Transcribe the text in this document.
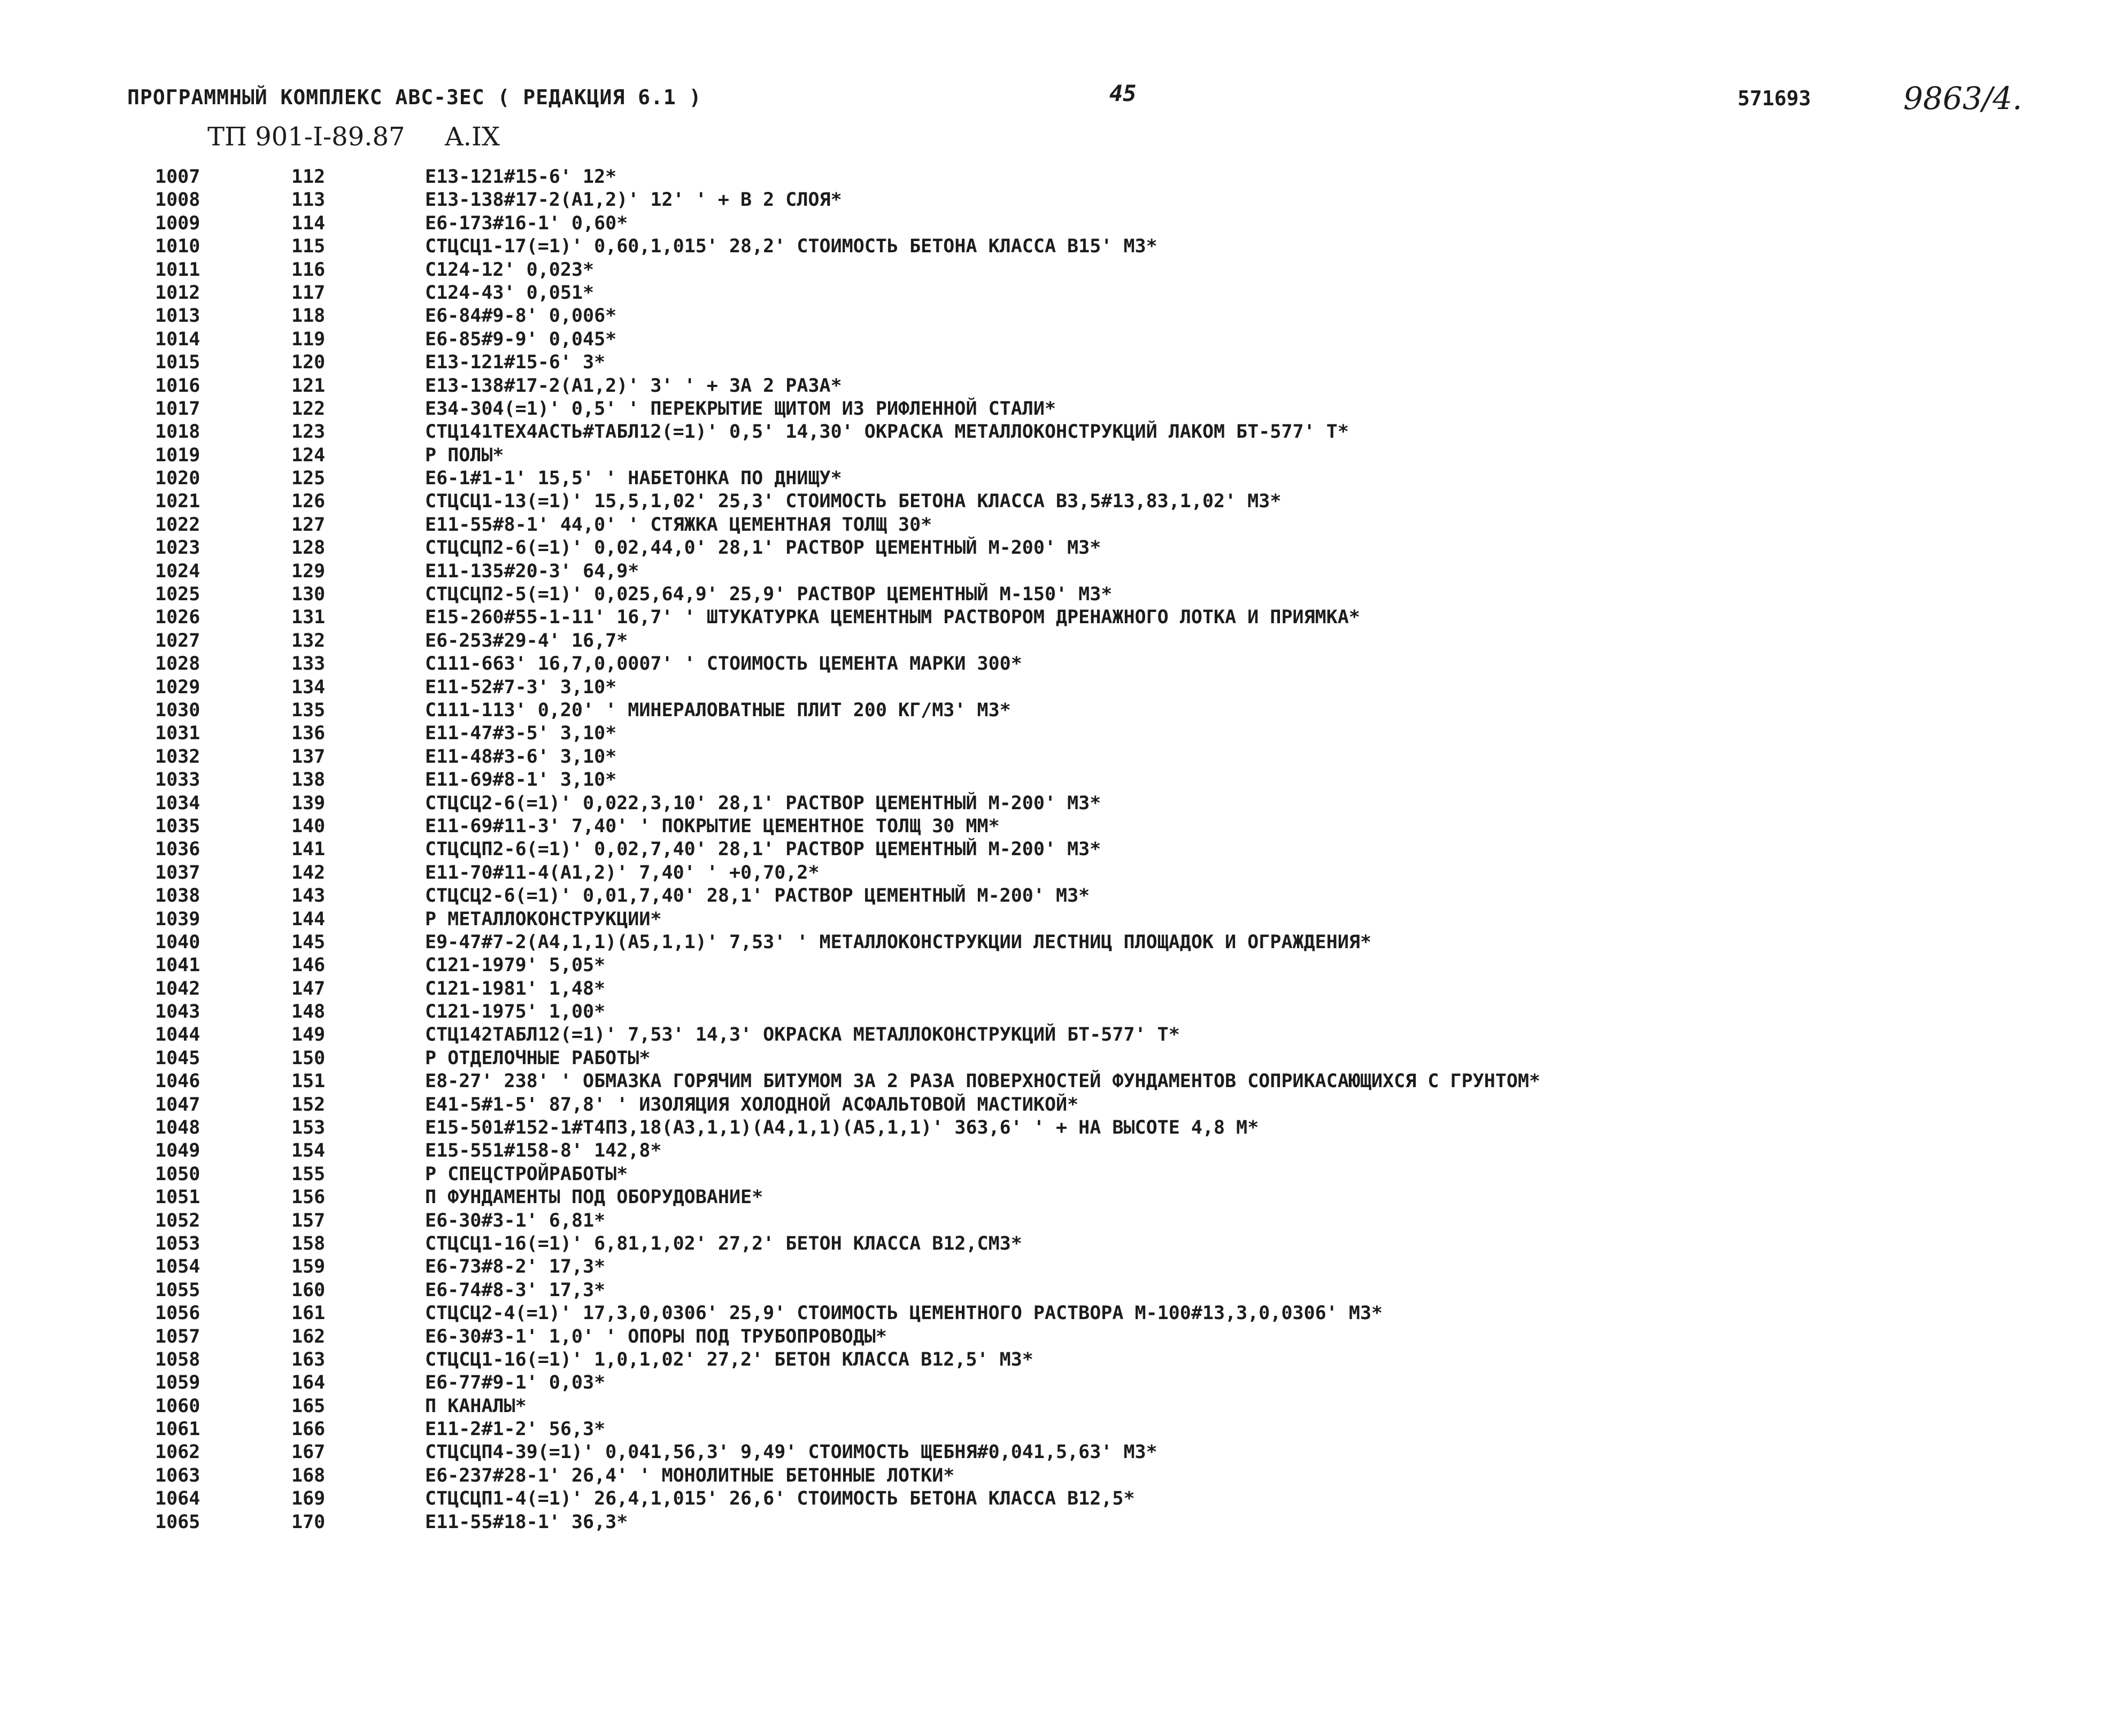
ПРОГРАММНЫЙ КОМПЛЕКС АВС-3ЕС ( РЕДАКЦИЯ 6.1 )	45	571693	9863/4.
ТП 901-I-89.87 A.IX
1007	112	Е13-121#15-6' 12*
1008	113	Е13-138#17-2(А1,2)' 12' ' + В 2 СЛОЯ*
1009	114	Е6-173#16-1' 0,60*
1010	115	СТЦСЦ1-17(=1)' 0,60,1,015' 28,2' СТОИМОСТЬ БЕТОНА КЛАССА В15' М3*
1011	116	С124-12' 0,023*
1012	117	С124-43' 0,051*
1013	118	Е6-84#9-8' 0,006*
1014	119	Е6-85#9-9' 0,045*
1015	120	Е13-121#15-6' 3*
1016	121	Е13-138#17-2(А1,2)' 3' ' + ЗА 2 РАЗА*
1017	122	Е34-304(=1)' 0,5' ' ПЕРЕКРЫТИЕ ЩИТОМ ИЗ РИФЛЕННОЙ СТАЛИ*
1018	123	СТЦ141ТЕХ4АСТЬ#ТАБЛ12(=1)' 0,5' 14,30' ОКРАСКА МЕТАЛЛОКОНСТРУКЦИЙ ЛАКОМ БТ-577' Т*
1019	124	Р ПОЛЫ*
1020	125	Е6-1#1-1' 15,5' ' НАБЕТОНКА ПО ДНИЩУ*
1021	126	СТЦСЦ1-13(=1)' 15,5,1,02' 25,3' СТОИМОСТЬ БЕТОНА КЛАССА В3,5#13,83,1,02' М3*
1022	127	Е11-55#8-1' 44,0' ' СТЯЖКА ЦЕМЕНТНАЯ ТОЛЩ 30*
1023	128	СТЦСЦП2-6(=1)' 0,02,44,0' 28,1' РАСТВОР ЦЕМЕНТНЫЙ М-200' М3*
1024	129	Е11-135#20-3' 64,9*
1025	130	СТЦСЦП2-5(=1)' 0,025,64,9' 25,9' РАСТВОР ЦЕМЕНТНЫЙ М-150' М3*
1026	131	Е15-260#55-1-11' 16,7' ' ШТУКАТУРКА ЦЕМЕНТНЫМ РАСТВОРОМ ДРЕНАЖНОГО ЛОТКА И ПРИЯМКА*
1027	132	Е6-253#29-4' 16,7*
1028	133	С111-663' 16,7,0,0007' ' СТОИМОСТЬ ЦЕМЕНТА МАРКИ 300*
1029	134	Е11-52#7-3' 3,10*
1030	135	С111-113' 0,20' ' МИНЕРАЛОВАТНЫЕ ПЛИТ 200 КГ/М3' М3*
1031	136	Е11-47#3-5' 3,10*
1032	137	Е11-48#3-6' 3,10*
1033	138	Е11-69#8-1' 3,10*
1034	139	СТЦСЦ2-6(=1)' 0,022,3,10' 28,1' РАСТВОР ЦЕМЕНТНЫЙ М-200' М3*
1035	140	Е11-69#11-3' 7,40' ' ПОКРЫТИЕ ЦЕМЕНТНОЕ ТОЛЩ 30 ММ*
1036	141	СТЦСЦП2-6(=1)' 0,02,7,40' 28,1' РАСТВОР ЦЕМЕНТНЫЙ М-200' М3*
1037	142	Е11-70#11-4(А1,2)' 7,40' ' +0,70,2*
1038	143	СТЦСЦ2-6(=1)' 0,01,7,40' 28,1' РАСТВОР ЦЕМЕНТНЫЙ М-200' М3*
1039	144	Р МЕТАЛЛОКОНСТРУКЦИИ*
1040	145	Е9-47#7-2(А4,1,1)(А5,1,1)' 7,53' ' МЕТАЛЛОКОНСТРУКЦИИ ЛЕСТНИЦ ПЛОЩАДОК И ОГРАЖДЕНИЯ*
1041	146	С121-1979' 5,05*
1042	147	С121-1981' 1,48*
1043	148	С121-1975' 1,00*
1044	149	СТЦ142ТАБЛ12(=1)' 7,53' 14,3' ОКРАСКА МЕТАЛЛОКОНСТРУКЦИЙ БТ-577' Т*
1045	150	Р ОТДЕЛОЧНЫЕ РАБОТЫ*
1046	151	Е8-27' 238' ' ОБМАЗКА ГОРЯЧИМ БИТУМОМ ЗА 2 РАЗА ПОВЕРХНОСТЕЙ ФУНДАМЕНТОВ СОПРИКАСАЮЩИХСЯ С ГРУНТОМ*
1047	152	Е41-5#1-5' 87,8' ' ИЗОЛЯЦИЯ ХОЛОДНОЙ АСФАЛЬТОВОЙ МАСТИКОЙ*
1048	153	Е15-501#152-1#Т4П3,18(А3,1,1)(А4,1,1)(А5,1,1)' 363,6' ' + НА ВЫСОТЕ 4,8 М*
1049	154	Е15-551#158-8' 142,8*
1050	155	Р СПЕЦСТРОЙРАБОТЫ*
1051	156	П ФУНДАМЕНТЫ ПОД ОБОРУДОВАНИЕ*
1052	157	Е6-30#3-1' 6,81*
1053	158	СТЦСЦ1-16(=1)' 6,81,1,02' 27,2' БЕТОН КЛАССА В12,СМ3*
1054	159	Е6-73#8-2' 17,3*
1055	160	Е6-74#8-3' 17,3*
1056	161	СТЦСЦ2-4(=1)' 17,3,0,0306' 25,9' СТОИМОСТЬ ЦЕМЕНТНОГО РАСТВОРА М-100#13,3,0,0306' М3*
1057	162	Е6-30#3-1' 1,0' ' ОПОРЫ ПОД ТРУБОПРОВОДЫ*
1058	163	СТЦСЦ1-16(=1)' 1,0,1,02' 27,2' БЕТОН КЛАССА В12,5' М3*
1059	164	Е6-77#9-1' 0,03*
1060	165	П КАНАЛЫ*
1061	166	Е11-2#1-2' 56,3*
1062	167	СТЦСЦП4-39(=1)' 0,041,56,3' 9,49' СТОИМОСТЬ ЩЕБНЯ#0,041,5,63' М3*
1063	168	Е6-237#28-1' 26,4' ' МОНОЛИТНЫЕ БЕТОННЫЕ ЛОТКИ*
1064	169	СТЦСЦП1-4(=1)' 26,4,1,015' 26,6' СТОИМОСТЬ БЕТОНА КЛАССА В12,5*
1065	170	Е11-55#18-1' 36,3*
